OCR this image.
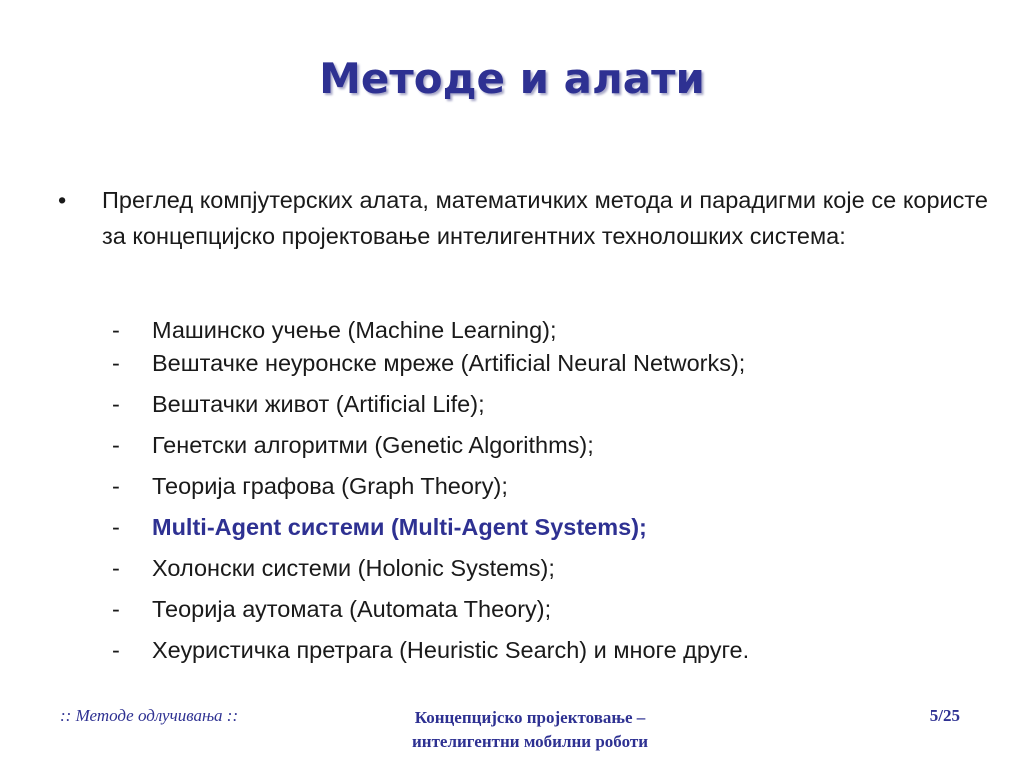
Методе и алати
• Преглед компјутерских алата, математичких метода и парадигми које се користе за концепцијско пројектовање интелигентних технолошких система:
- Машинско учење (Machine Learning);
- Вештачке неуронске мреже (Artificial Neural Networks);
- Вештачки живот (Artificial Life);
- Генетски алгоритми (Genetic Algorithms);
- Теорија графова (Graph Theory);
- Multi-Agent системи (Multi-Agent Systems);
- Холонски системи (Holonic Systems);
- Теорија аутомата (Automata Theory);
- Хеуристичка претрага (Heuristic Search) и многе друге.
:: Методе одлучивања ::	Концепцијско пројектовање –
интелигентни мобилни роботи
5/25
